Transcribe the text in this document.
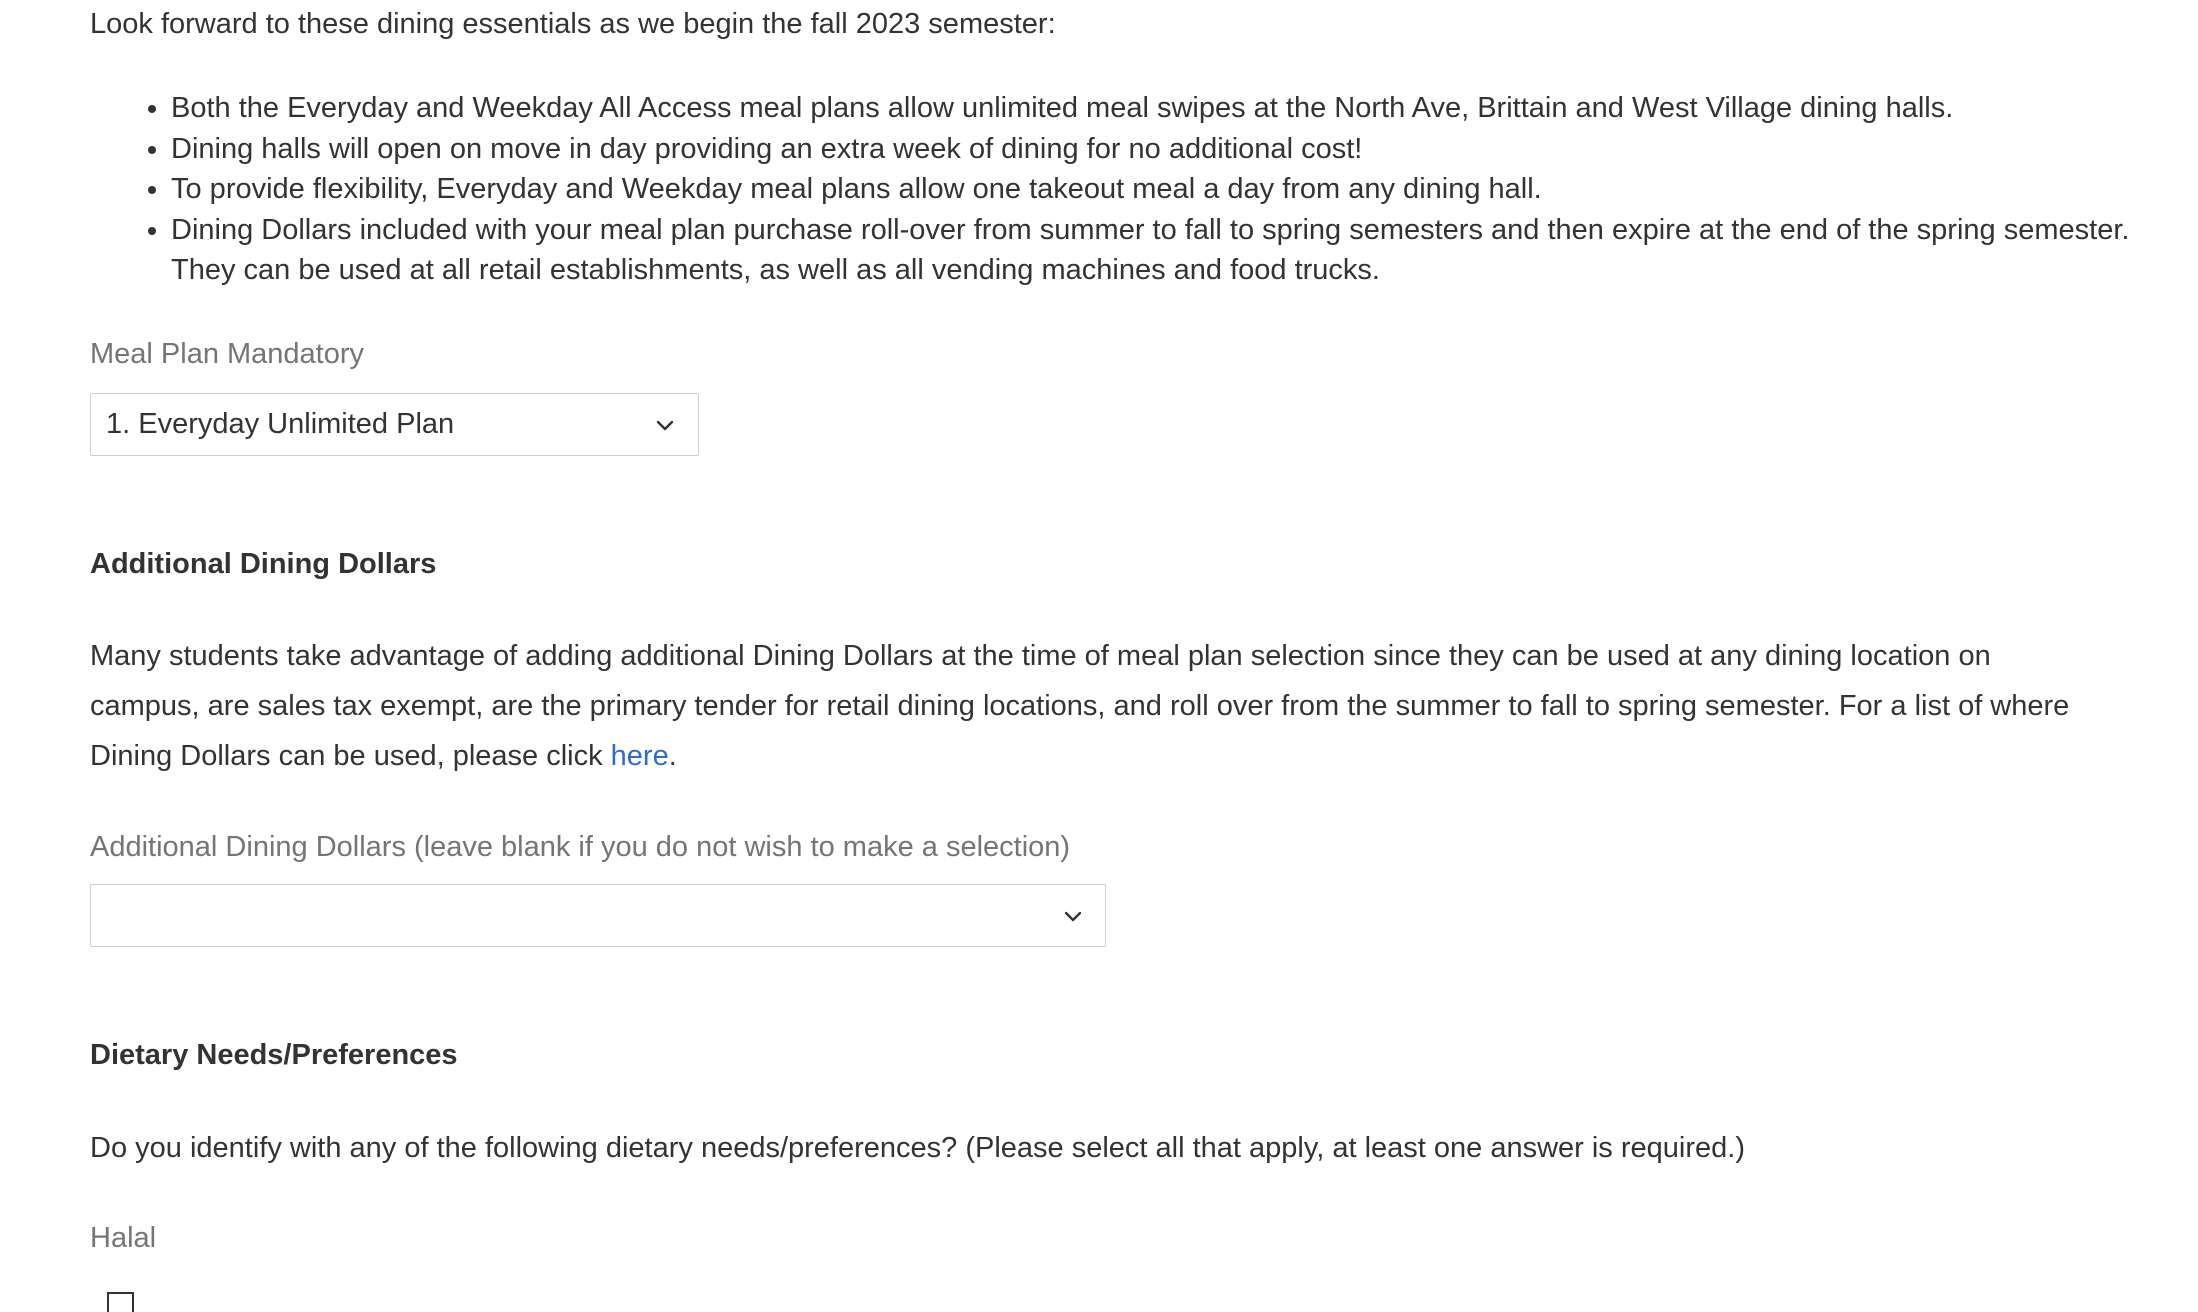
Look forward to these dining essentials as we begin the fall 2023 semester:

• Both the Everyday and Weekday All Access meal plans allow unlimited meal swipes at the North Ave, Brittain and West Village dining halls.
• Dining halls will open on move in day providing an extra week of dining for no additional cost!
• To provide flexibility, Everyday and Weekday meal plans allow one takeout meal a day from any dining hall.
• Dining Dollars included with your meal plan purchase roll-over from summer to fall to spring semesters and then expire at the end of the spring semester. They can be used at all retail establishments, as well as all vending machines and food trucks.

Meal Plan Mandatory

1. Everyday Unlimited Plan
Additional Dining Dollars

Many students take advantage of adding additional Dining Dollars at the time of meal plan selection since they can be used at any dining location on campus, are sales tax exempt, are the primary tender for retail dining locations, and roll over from the summer to fall to spring semester. For a list of where Dining Dollars can be used, please click here.

Additional Dining Dollars (leave blank if you do not wish to make a selection)

Dietary Needs/Preferences

Do you identify with any of the following dietary needs/preferences? (Please select all that apply, at least one answer is required.)

Halal
